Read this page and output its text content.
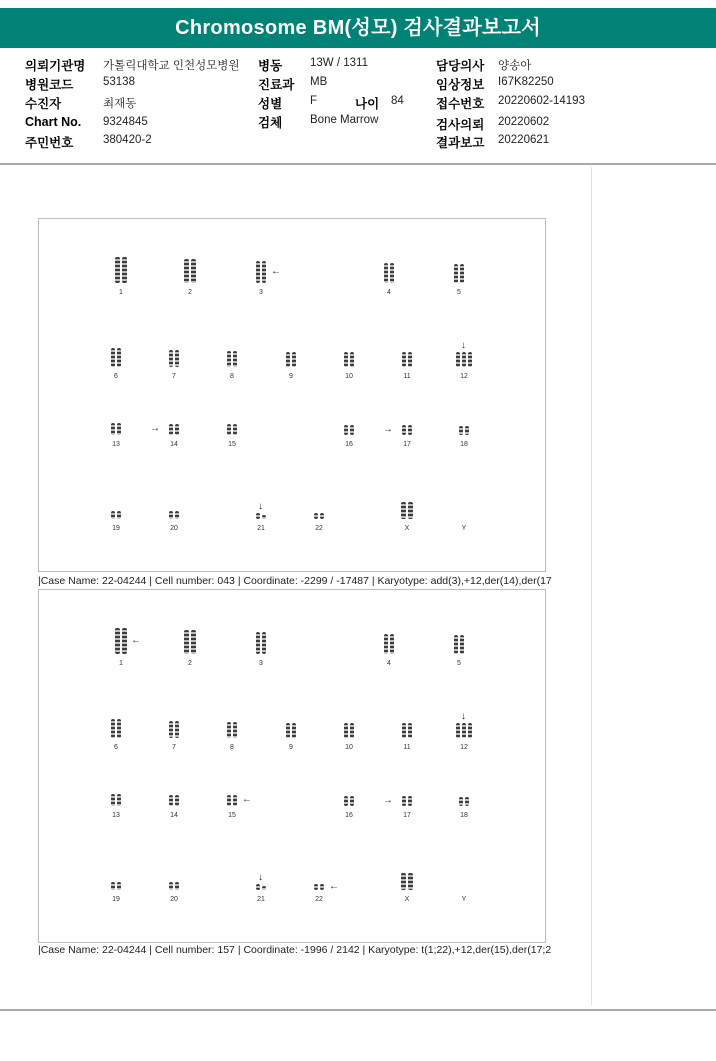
Chromosome BM(성모) 검사결과보고서
의뢰기관명 가톨릭대학교 인천성모병원 병동 13W / 1311	담당의사 양송아
병원코드	53138	진료과 MB	임상정보 I67K82250
수진자	최재동	성별 F	나이 84	접수번호 20220602-14193
Chart No. 9324845	검체 Bone Marrow	검사의뢰 20220602
주민번호	380420-2	결과보고 20220621
1	2	3
←
4	5
6	7	8	9	10	11	12
↓
13	14
→
15	16	17
→
18
19	20	21
↓
22	X	Y
|Case Name: 22-04244 | Cell number: 043 | Coordinate: -2299 / -17487 | Karyotype: add(3),+12,der(14),der(17
1
←
2	3	4	5
6	7	8	9	10	11	12
↓
13	14	15
←
16	17
→
18
19	20	21
↓
22
←
X	Y
|Case Name: 22-04244 | Cell number: 157 | Coordinate: -1996 / 2142 | Karyotype: t(1;22),+12,der(15),der(17;2
